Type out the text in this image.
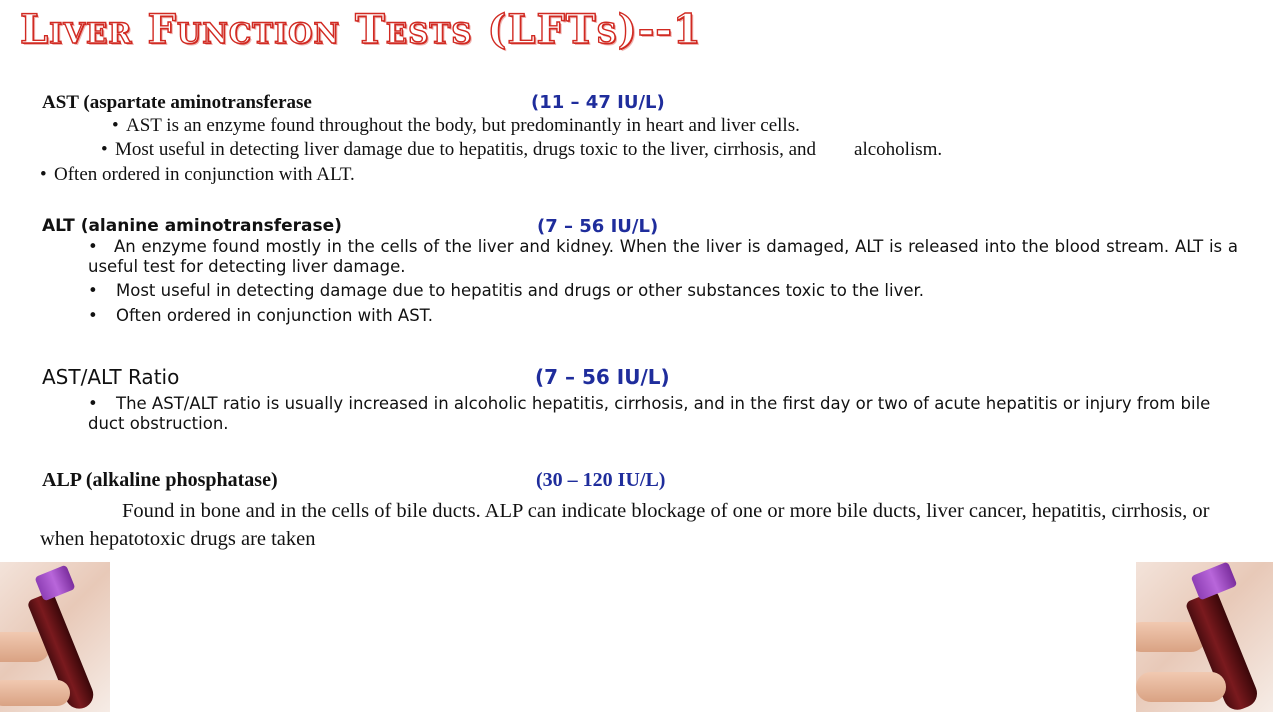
Liver Function Tests (LFTs)--1
AST (aspartate aminotransferase	(11 – 47 IU/L)
• AST is an enzyme found throughout the body, but predominantly in heart and liver cells.
• Most useful in detecting liver damage due to hepatitis, drugs toxic to the liver, cirrhosis, and        alcoholism.
• Often ordered in conjunction with ALT.
ALT (alanine aminotransferase)	(7 – 56 IU/L)
• An enzyme found mostly in the cells of the liver and kidney. When the liver is damaged, ALT is released into the blood stream. ALT is a useful test for detecting liver damage.
• Most useful in detecting damage due to hepatitis and drugs or other substances toxic to the liver.
• Often ordered in conjunction with AST.
AST/ALT Ratio	(7 – 56 IU/L)
• The AST/ALT ratio is usually increased in alcoholic hepatitis, cirrhosis, and in the first day or two of acute hepatitis or injury from bile duct obstruction.
ALP (alkaline phosphatase)	(30 – 120 IU/L)
Found in bone and in the cells of bile ducts. ALP can indicate blockage of one or more bile ducts, liver cancer, hepatitis, cirrhosis, or when hepatotoxic drugs are taken
